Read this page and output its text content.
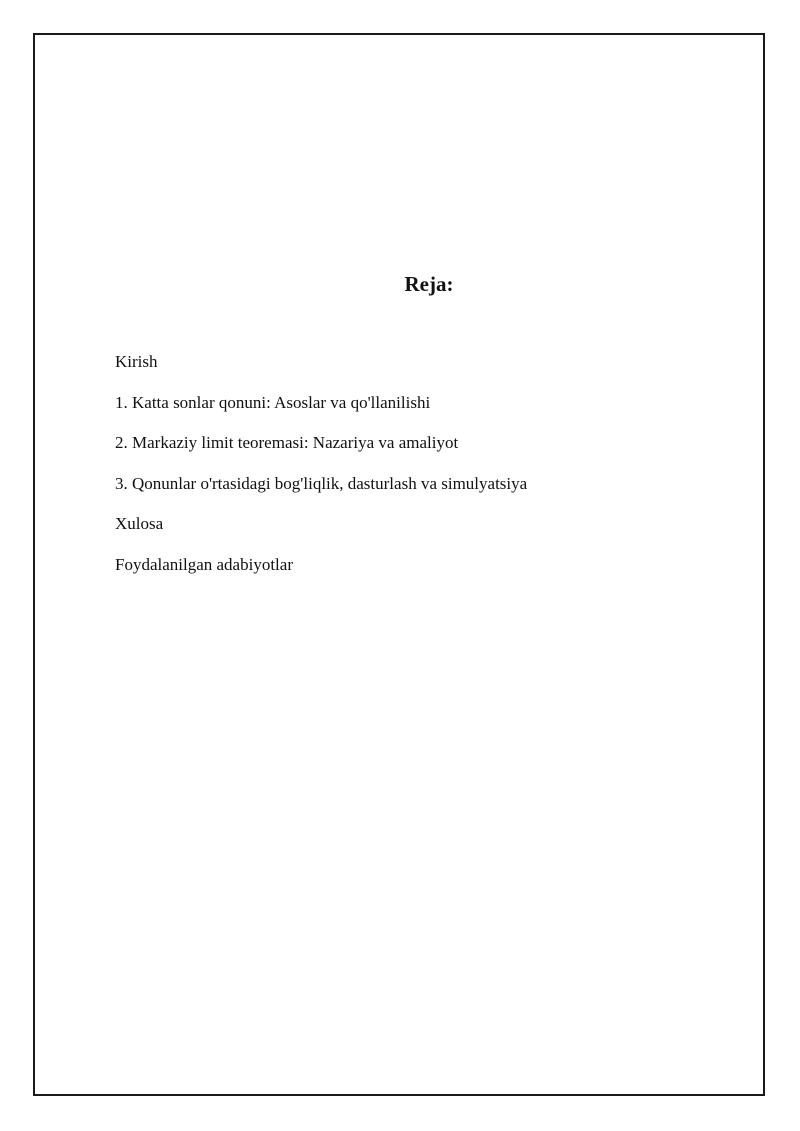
Reja:
Kirish
1. Katta sonlar qonuni: Asoslar va qo'llanilishi
2. Markaziy limit teoremasi: Nazariya va amaliyot
3. Qonunlar o'rtasidagi bog'liqlik, dasturlash va simulyatsiya
Xulosa
Foydalanilgan adabiyotlar
